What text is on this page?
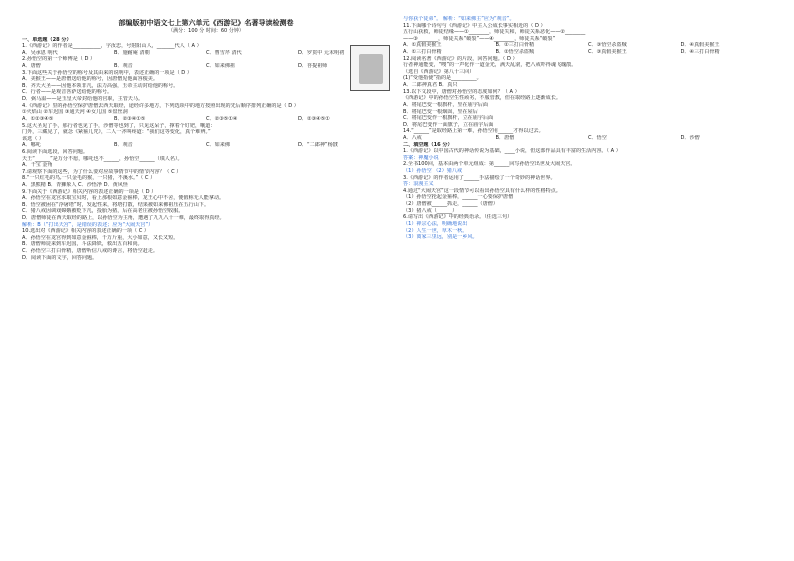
部编版初中语文七上第六单元《西游记》名著导读检测卷
（满分：100 分 时间：60 分钟）
一、单选题（28 分）
1.《西游记》的作者是___________，字汝忠，号射阳山人，_______代人（ A ）
A．吴承恩 明代	B．施耐庵 清朝	C．曹雪芹 清代	D．罗贯中 元末明初
2.孙悟空的第一个师傅是（ D ）
A．唐僧	B．观音	C．如来佛祖	D．菩提祖师
3.下面这些关于孙悟空的称号及其由来的说明中，表述正确的一项是（ D ）
A．美猴王——是唐僧送给他的称号，因唐僧见他面容俊美。
B．齐天大圣——因他本领非凡，法力高强，玉帝主动封给他的称号。
C．行者——是观音菩萨送给他的称号。
D．弼马温——是玉皇大帝封给他的官职，主管天马。
4.《西游记》里的孙悟空保护唐僧去西天取经，途经许多地方，下列选项中的地方按照出现的先后顺序排列正确的是（ D ）
①火焰山 ②车迟国 ③通天河 ④女儿国 ⑤盘丝洞
A．①②③④⑤	B．②③④①⑤	C．②③⑤①④	D．②③④⑤①
5.这大圣见了手，那行者也见了手，沙僧等也到了，只见这呆子，撑着个钉钯，嚷道：
门外，三藏见了，就念《紧箍儿咒》，二人一齐叫疼道：“我们这等变化，真个难辨。”
该选（ ）
A．哪吒	B．观音	C．如来佛	D．“二郎神”杨戬
6.阅读下面选段，回答问题。
天王“______”是万分不愿，哪吒也不______，孙悟空______（填人名）。
A．千宝 金角
7.请观察下面的这些，为了什么要对应故事情节中的情节内容？（ C ）
8.“一只红毛的鸟,一只金毛的猴，一只猪，不溪水。”（ C ）
A．黑熊精 B．青狮象人 C．沙悟净 D．黄风怪
9.下面关于《西游记》相关内容的表述正确的一项是（ D ）
A．孙悟空在龙宫求取宝贝时，看上那根如意金箍棒，龙王心中不舍，便假称无人能拿动。
B．悟空被困在“浮屠塔”时，发起性来，将塔打散，结果被如来佛祖压在五行山下。
C．猪八戒因调戏嫦娥被贬下凡，投胎为猪，后在高老庄被孙悟空收服。
D．唐僧师徒在西天取经的路上，以孙悟空为主角，遭遇了九九八十一难，最终取得真经。
解析：B（“打出天宫”，是错误的表述；应为“大闹天宫”）
10.选出对《西游记》相关内容的表述正确的一项（ C ）
A．孙悟空在龙宫得到如意金箍棒，千万斤重，大小如意，又长又短。
B．唐僧师徒来到车迟国，斗法降妖，救出五百和尚。
C．孙悟空三打白骨精，唐僧听信八戒的谗言，将悟空赶走。
D．阅读下面的文字，回答问题。
与你获个徒弟”。 解析：“如来佛主”应为“观音”。
11.下面哪个诗句与《西游记》中主人公成长事实相近的（ D ）
五行山获救，师徒结缘——①________，师徒失和，师徒关系恶化——②________
——③________，师徒关系“破裂”——④________，师徒关系“破裂”
A．①真假美猴王	B．②三打白骨精	C．③悟空杀盗贼	D．④真假美猴王
A．①三打白骨精	B．②悟空杀盗贼	C．③真假美猴王	D．④三打白骨精
12.阅读名著《西游记》的片段，回答问题。（ D ）
行者神通能变，“嗖”的一声化作一道金光，满天乱滚，把八戒吓得魂飞魄散。
（选自《西游记》第八十三回）
(1)“受他指使”指的是__________。
A．二郎神真君 B．真只
13.以下文段中，唐僧对孙悟空的态度如何？（ A ）
《西游记》中的孙悟空生性顽劣，不服管教，但在取经路上逐渐成长。
A．将尾巴变一根旗杆，竖在庙宇后面
B．将尾巴变一根烟囱，竖在屋后
C．将尾巴变作一根旗杆，立在庙宇后面
D．将尾巴变作一面旗子，立在庙宇后面
14.“______”是取经路上第一难，孙悟空用______才得以过去。
A．八戒	B．唐僧	C．悟空	D．沙僧
二、填空题（16 分）
1.《西游记》以中国古代的神话传说为基础，____小说，但这部作品具有丰富的生活内容。（ A ）
答案：神魔小说
2.全书100回，基本由两个单元组成：第______回写孙悟空出世及大闹天宫。
（1）孙悟空 （2）猪八戒
3.《西游记》的作者运用了______手法描绘了一个奇妙的神话世界。
答：浪漫主义
4.通过“大闹天宫”这一段情节可以看出孙悟空具有什么样的性格特点。
（1）孙悟空抡起金箍棒，______一心要保护唐僧
（2）唐僧被______抓走，______（唐僧）
（3）猪八戒（______）
6.请写出《西游记》中的经典语录。（任选三句）
（1）禅宗心法，明确地说出
（2）人生一世，草木一秋。
（3）离家三里远，别是一乡风。
